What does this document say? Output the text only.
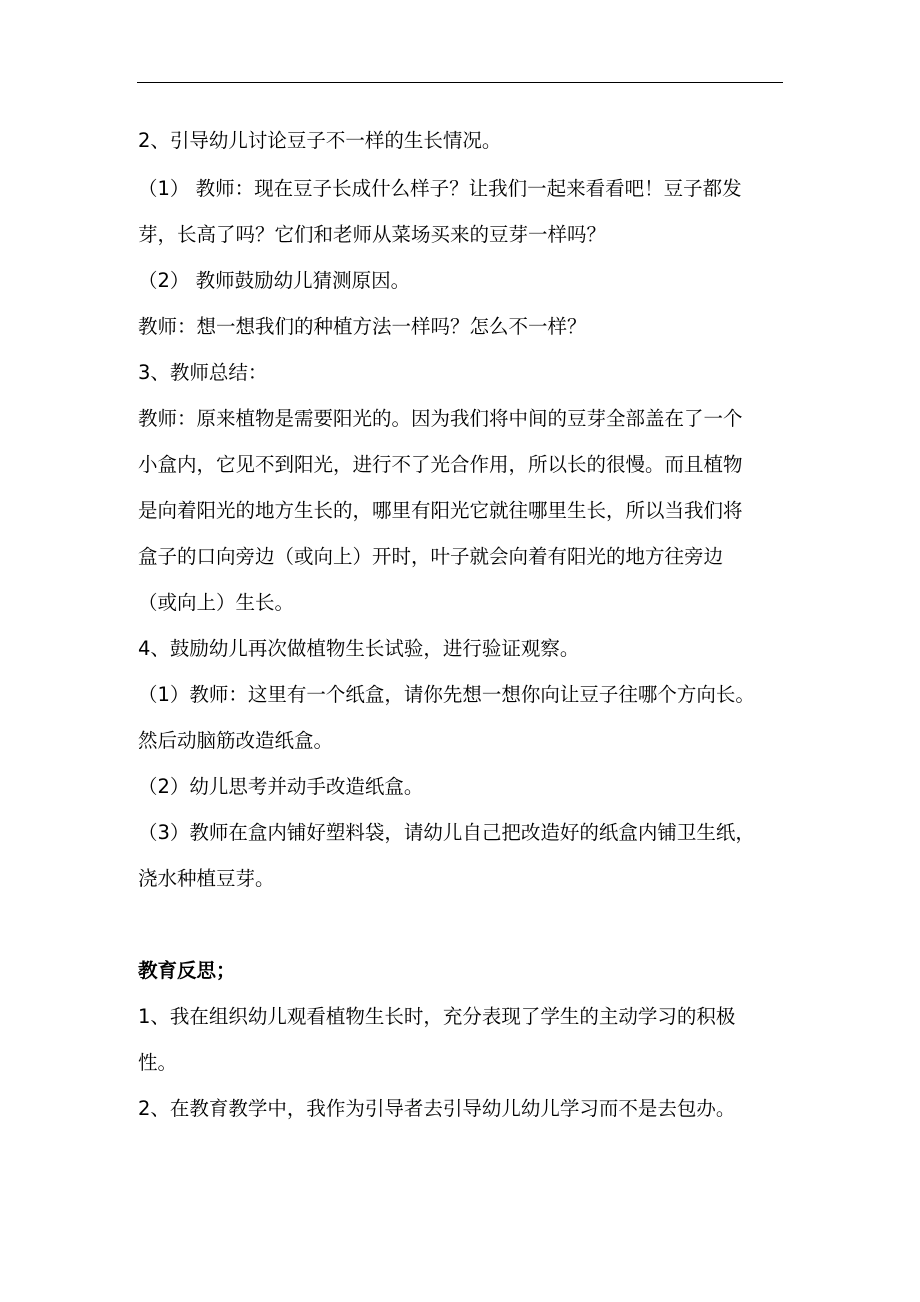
2、引导幼儿讨论豆子不一样的生长情况。

（1） 教师：现在豆子长成什么样子？让我们一起来看看吧！豆子都发

芽，长高了吗？它们和老师从菜场买来的豆芽一样吗？

（2） 教师鼓励幼儿猜测原因。

教师：想一想我们的种植方法一样吗？怎么不一样？

3、教师总结：

教师：原来植物是需要阳光的。因为我们将中间的豆芽全部盖在了一个

小盒内，它见不到阳光，进行不了光合作用，所以长的很慢。而且植物

是向着阳光的地方生长的，哪里有阳光它就往哪里生长，所以当我们将

盒子的口向旁边（或向上）开时，叶子就会向着有阳光的地方往旁边

（或向上）生长。

4、鼓励幼儿再次做植物生长试验，进行验证观察。

（1）教师：这里有一个纸盒，请你先想一想你向让豆子往哪个方向长。

然后动脑筋改造纸盒。

（2）幼儿思考并动手改造纸盒。

（3）教师在盒内铺好塑料袋，请幼儿自己把改造好的纸盒内铺卫生纸，

浇水种植豆芽。

教育反思；

1、我在组织幼儿观看植物生长时，充分表现了学生的主动学习的积极

性。

2、在教育教学中，我作为引导者去引导幼儿幼儿学习而不是去包办。
